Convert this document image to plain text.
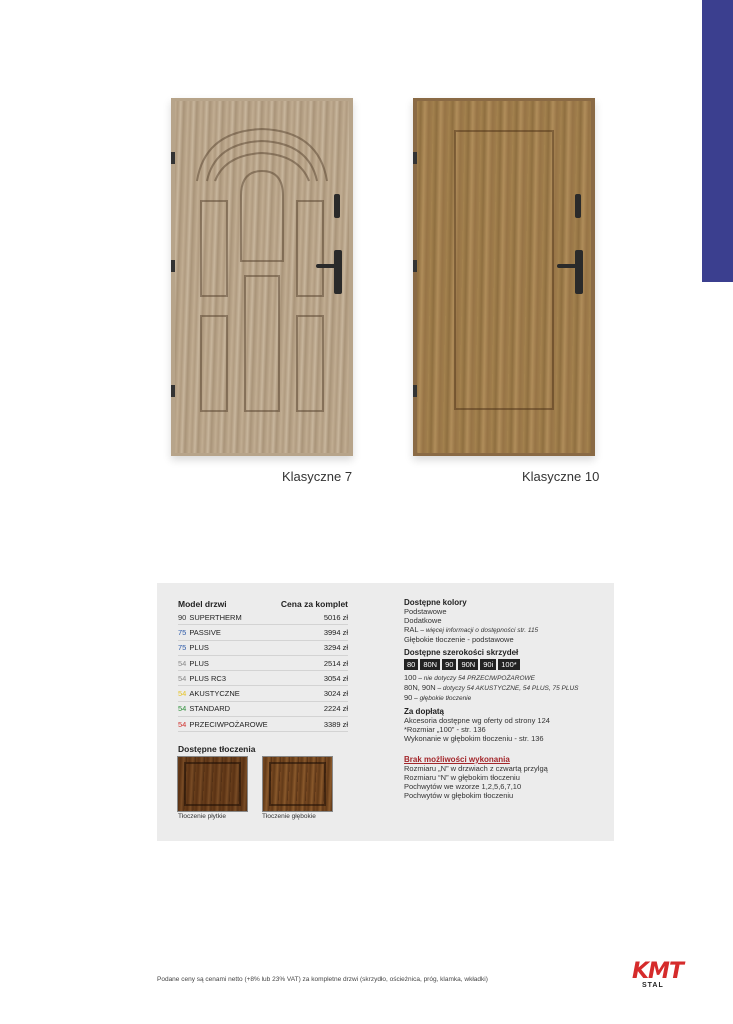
Klasyczne 7	Klasyczne 10
Model drzwi	Cena za komplet
90 SUPERTHERM	5016 zł
75 PASSIVE	3994 zł
75 PLUS	3294 zł
54 PLUS	2514 zł
54 PLUS RC3	3054 zł
54 AKUSTYCZNE	3024 zł
54 STANDARD	2224 zł
54 PRZECIWPOŻAROWE	3389 zł
Dostępne tłoczenia
Tłoczenie płytkie	Tłoczenie głębokie
Dostępne kolory
Podstawowe
Dodatkowe
RAL – więcej informacji o dostępności str. 115
Głębokie tłoczenie - podstawowe
Dostępne szerokości skrzydeł
80	80N	90	90N	90i	100*
100 – nie dotyczy 54 PRZECIWPOŻAROWE
80N, 90N – dotyczy 54 AKUSTYCZNE, 54 PLUS, 75 PLUS
90 – głębokie tłoczenie
Za dopłatą
Akcesoria dostępne wg oferty od strony 124
*Rozmiar „100” - str. 136
Wykonanie w głębokim tłoczeniu - str. 136
Brak możliwości wykonania
Rozmiaru „N” w drzwiach z czwartą przylgą
Rozmiaru “N” w głębokim tłoczeniu
Pochwytów we wzorze 1,2,5,6,7,10
Pochwytów w głębokim tłoczeniu
Podane ceny są cenami netto (+8% lub 23% VAT) za kompletne drzwi (skrzydło, ościeżnica, próg, klamka, wkładki)	KMT
STAL
